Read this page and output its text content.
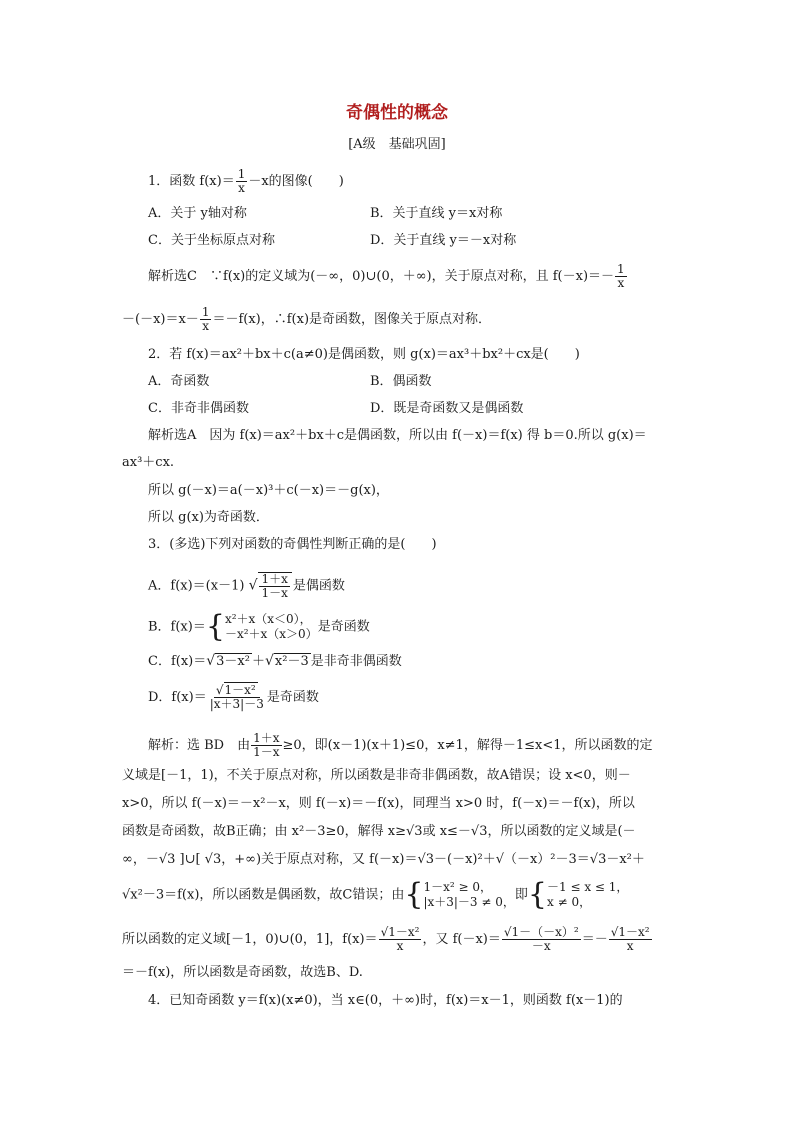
奇偶性的概念
[A级　基础巩固]
1．函数 $f(x)= \frac{1}{x} -x$的图像(　　)
A．关于 y轴对称	B．关于直线 y＝x对称
C．关于坐标原点对称	D．关于直线 y＝－x对称
解析选C　∵f(x)的定义域为(－∞，0)∪(0，＋∞)，关于原点对称，且 $f(-x)=- \frac{1}{x}$
$-(-x)=x- \frac{1}{x} =-f(x)$，∴f(x)是奇函数，图像关于原点对称．
2．若 f(x)＝ax²＋bx＋c(a≠0)是偶函数，则 g(x)＝ax³＋bx²＋cx是(　　)
A．奇函数	B．偶函数
C．非奇非偶函数	D．既是奇函数又是偶函数
解析选A　因为 f(x)＝ax²＋bx＋c是偶函数，所以由 f(－x)＝f(x) 得 b＝0.所以 g(x)＝
ax³＋cx.
所以 g(－x)＝a(－x)³＋c(－x)＝－g(x)，
所以 g(x)为奇函数．
3．(多选)下列对函数的奇偶性判断正确的是(　　)
A．f(x)＝(x－1) √ $\frac{1+x}{1-x}$ 是偶函数
B．f(x)＝{ x²＋x（x＜0），
－x²＋x（x＞0） 是奇函数
C．f(x)＝√3－x² ＋√x²－3 是非奇非偶函数
D．$f(x)= \frac{\text{√1－x²}}{|x+3|-3}$ 是奇函数
解析：选 BD　由 $\frac{1+x}{1-x} \ge 0$，即(x－1)(x＋1)≤0，x≠1，解得－1≤x<1，所以函数的定
义域是[－1，1)，不关于原点对称，所以函数是非奇非偶函数，故A错误；设 x<0，则－
x>0，所以 f(－x)＝－x²－x，则 f(－x)＝－f(x)，同理当 x>0 时，f(－x)＝－f(x)，所以
函数是奇函数，故B正确；由 x²－3≥0，解得 x≥√3或 x≤－√3，所以函数的定义域是(－
∞，－√3 ]∪[ √3，+∞)关于原点对称，又 f(－x)＝√3－(－x)²＋√（－x）²－3＝√3－x²＋
√x²－3＝f(x)，所以函数是偶函数，故C错误；由{ 1－x² ≥ 0，
|x＋3|－3 ≠ 0， 即{ －1 ≤ x ≤ 1，
x ≠ 0，
所以函数的定义域[－1，0)∪(0，1]，$f(x)= \frac{\text{√1－x²}}{x}$ ，又 $f(-x)= \frac{\text{√1－（－x）²}}{-x} =- \frac{\text{√1－x²}}{x}$
＝－f(x)，所以函数是奇函数，故选B、D.
4．已知奇函数 y＝f(x)(x≠0)，当 x∈(0，＋∞)时，f(x)＝x－1，则函数 f(x－1)的
